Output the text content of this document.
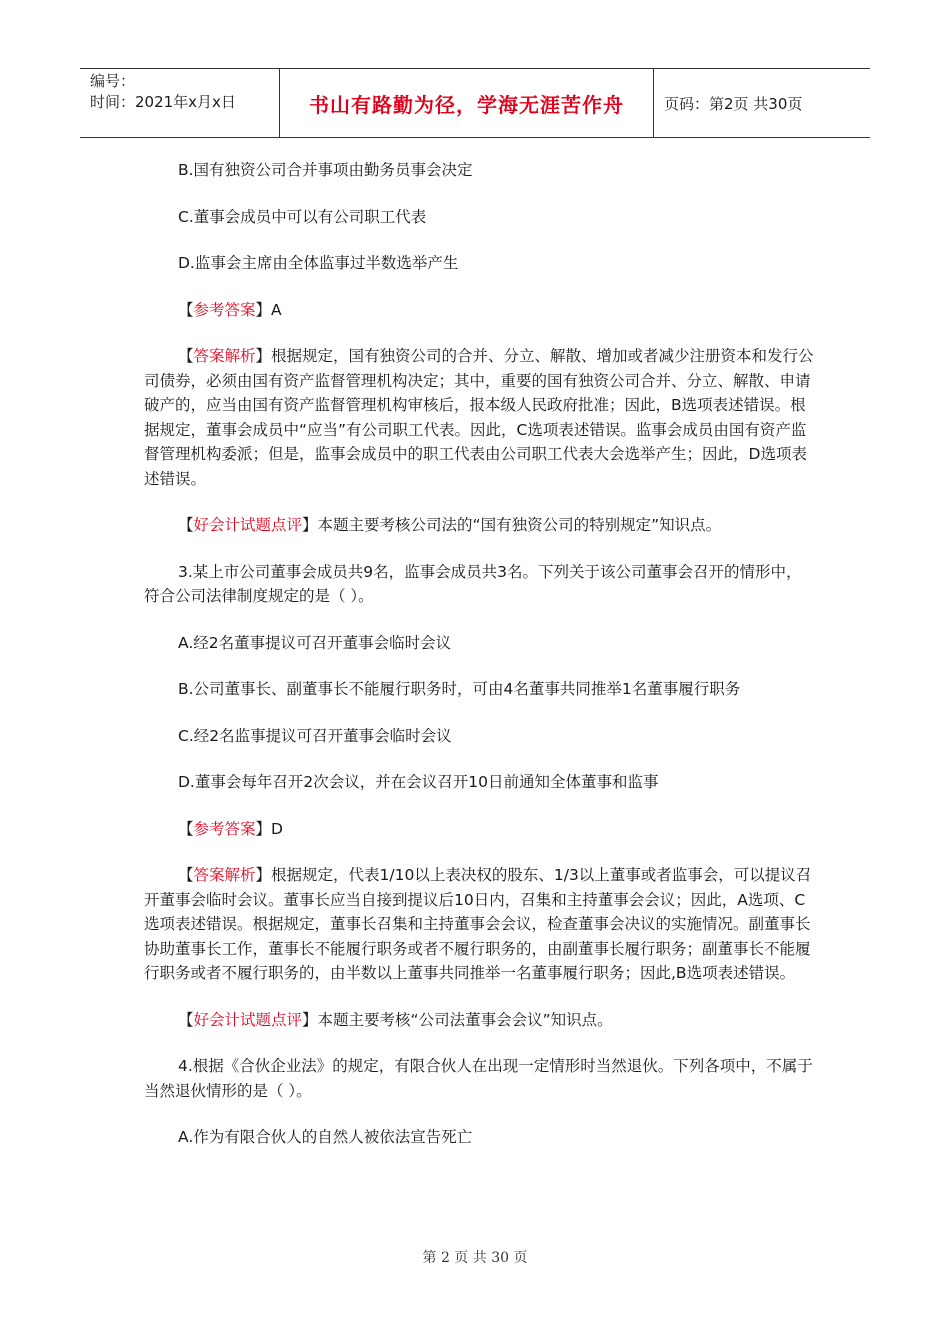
编号：
时间：2021年x月x日	书山有路勤为径，学海无涯苦作舟	页码：第2页 共30页

B.国有独资公司合并事项由勤务员事会决定

C.董事会成员中可以有公司职工代表

D.监事会主席由全体监事过半数选举产生

【参考答案】A

【答案解析】根据规定，国有独资公司的合并、分立、解散、增加或者减少注册资本和发行公司债券，必须由国有资产监督管理机构决定；其中，重要的国有独资公司合并、分立、解散、申请破产的，应当由国有资产监督管理机构审核后，报本级人民政府批准；因此，B选项表述错误。根据规定，董事会成员中“应当”有公司职工代表。因此，C选项表述错误。监事会成员由国有资产监督管理机构委派；但是，监事会成员中的职工代表由公司职工代表大会选举产生；因此，D选项表述错误。

【好会计试题点评】本题主要考核公司法的“国有独资公司的特别规定”知识点。

3.某上市公司董事会成员共9名，监事会成员共3名。下列关于该公司董事会召开的情形中，符合公司法律制度规定的是（ ）。

A.经2名董事提议可召开董事会临时会议

B.公司董事长、副董事长不能履行职务时，可由4名董事共同推举1名董事履行职务

C.经2名监事提议可召开董事会临时会议

D.董事会每年召开2次会议，并在会议召开10日前通知全体董事和监事

【参考答案】D

【答案解析】根据规定，代表1/10以上表决权的股东、1/3以上董事或者监事会，可以提议召开董事会临时会议。董事长应当自接到提议后10日内，召集和主持董事会会议；因此，A选项、C选项表述错误。根据规定，董事长召集和主持董事会会议，检查董事会决议的实施情况。副董事长协助董事长工作，董事长不能履行职务或者不履行职务的，由副董事长履行职务；副董事长不能履行职务或者不履行职务的，由半数以上董事共同推举一名董事履行职务；因此,B选项表述错误。

【好会计试题点评】本题主要考核“公司法董事会会议”知识点。

4.根据《合伙企业法》的规定，有限合伙人在出现一定情形时当然退伙。下列各项中，不属于当然退伙情形的是（ ）。

A.作为有限合伙人的自然人被依法宣告死亡

第 2 页 共 30 页
